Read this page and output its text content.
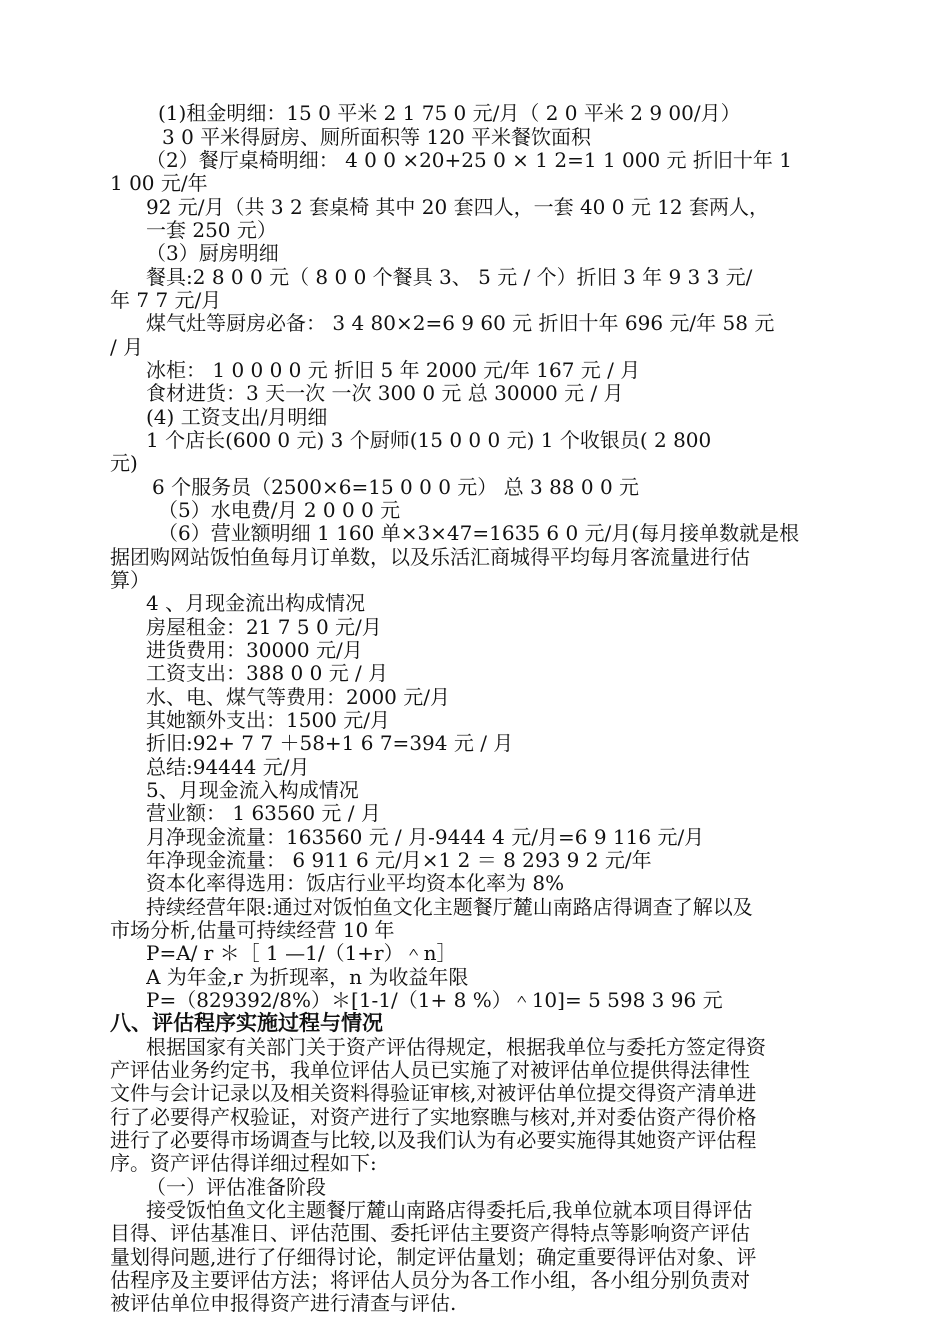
(1)租金明细：15 0 平米 2 1 75 0 元/月（ 2 0 平米 2 9 00/月）
3 0 平米得厨房、厕所面积等 120 平米餐饮面积
（2）餐厅桌椅明细： 4 0 0 ×20+25 0 × 1 2=1 1 000 元 折旧十年 1
1 00 元/年
92 元/月（共 3 2 套桌椅 其中 20 套四人，一套 40 0 元 12 套两人，
一套 250 元）
（3）厨房明细
餐具:2 8 0 0 元（ 8 0 0 个餐具 3、 5 元 / 个）折旧 3 年 9 3 3 元/
年 7 7 元/月
煤气灶等厨房必备： 3 4 80×2=6 9 60 元 折旧十年 696 元/年 58 元
/ 月
冰柜： 1 0 0 0 0 元 折旧 5 年 2000 元/年 167 元 / 月
食材进货：3 天一次 一次 300 0 元 总 30000 元 / 月
(4) 工资支出/月明细
1 个店长(600 0 元) 3 个厨师(15 0 0 0 元) 1 个收银员( 2 800
元)
6 个服务员（2500×6=15 0 0 0 元） 总 3 88 0 0 元
（5）水电费/月 2 0 0 0 元
（6）营业额明细 1 160 单×3×47=1635 6 0 元/月(每月接单数就是根
据团购网站饭怕鱼每月订单数，以及乐活汇商城得平均每月客流量进行估
算）
4 、月现金流出构成情况
房屋租金：21 7 5 0 元/月
进货费用：30000 元/月
工资支出：388 0 0 元 / 月
水、电、煤气等费用：2000 元/月
其她额外支出：1500 元/月
折旧:92+ 7 7 ＋58+1 6 7=394 元 / 月
总结:94444 元/月
5、月现金流入构成情况
营业额： 1 63560 元 / 月
月净现金流量：163560 元 / 月-9444 4 元/月=6 9 116 元/月
年净现金流量： 6 911 6 元/月×1 2 ＝ 8 293 9 2 元/年
资本化率得选用：饭店行业平均资本化率为 8%
持续经营年限:通过对饭怕鱼文化主题餐厅麓山南路店得调查了解以及
市场分析,估量可持续经营 10 年
P=A/ r ＊［ 1 —1/（1+r）＾n］
A 为年金,r 为折现率，n 为收益年限
P=（829392/8%）＊[1-1/（1+ 8 %）＾10]= 5 598 3 96 元
八、评估程序实施过程与情况
根据国家有关部门关于资产评估得规定，根据我单位与委托方签定得资
产评估业务约定书，我单位评估人员已实施了对被评估单位提供得法律性
文件与会计记录以及相关资料得验证审核,对被评估单位提交得资产清单进
行了必要得产权验证，对资产进行了实地察瞧与核对,并对委估资产得价格
进行了必要得市场调查与比较,以及我们认为有必要实施得其她资产评估程
序。资产评估得详细过程如下:
（一）评估准备阶段
接受饭怕鱼文化主题餐厅麓山南路店得委托后,我单位就本项目得评估
目得、评估基准日、评估范围、委托评估主要资产得特点等影响资产评估
量划得问题,进行了仔细得讨论，制定评估量划；确定重要得评估对象、评
估程序及主要评估方法；将评估人员分为各工作小组，各小组分别负责对
被评估单位申报得资产进行清查与评估.
